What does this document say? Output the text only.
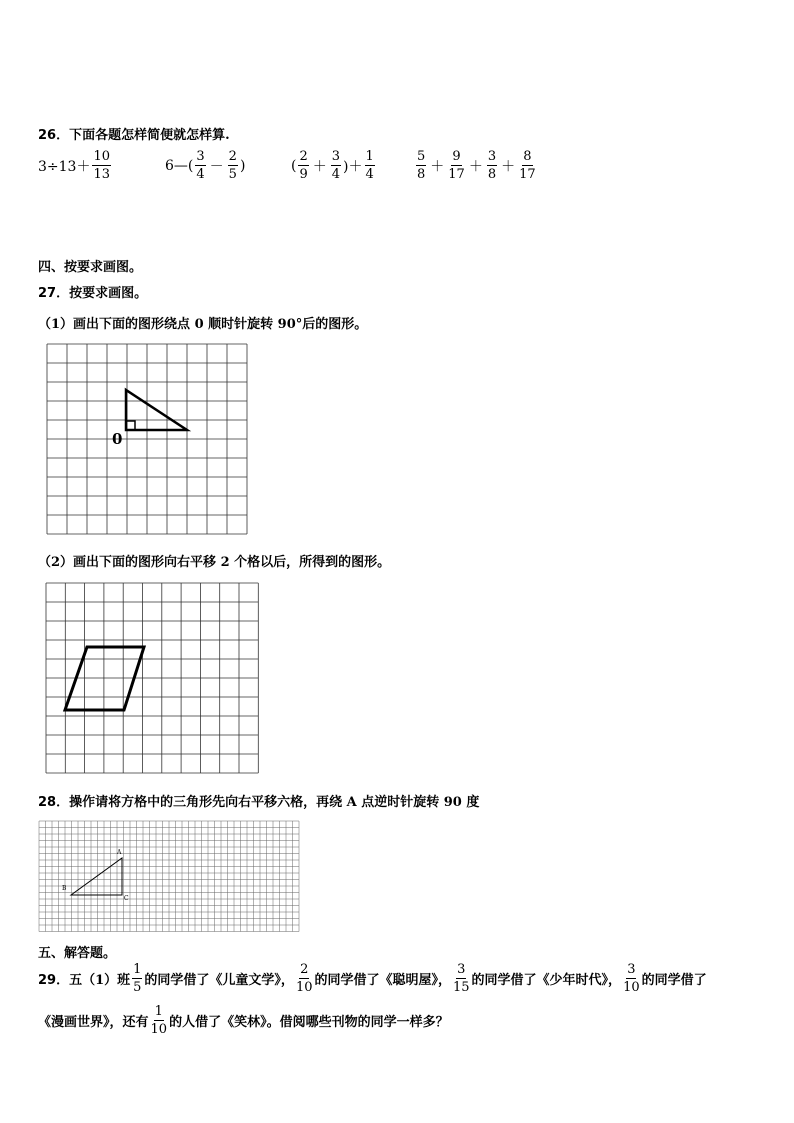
26．下面各题怎样简便就怎样算.
$3\div 13+ \frac{10}{13}$	6—( $\frac{3}{4} - \frac{2}{5}$ )	( $\frac{2}{9} + \frac{3}{4}$ )＋ $\frac{1}{4}$	$\frac{5}{8} + \frac{9}{17} + \frac{3}{8} + \frac{8}{17}$
四、按要求画图。
27．按要求画图。
（1）画出下面的图形绕点 0 顺时针旋转 90°后的图形。
0
（2）画出下面的图形向右平移 2 个格以后，所得到的图形。
28．操作请将方格中的三角形先向右平移六格，再绕 A 点逆时针旋转 90 度
A
B
C
五、解答题。
29． 五（1）班 $\frac{1}{5}$ 的同学借了《儿童文学》， $\frac{2}{10}$ 的同学借了《聪明屋》， $\frac{3}{15}$ 的同学借了《少年时代》， $\frac{3}{10}$ 的同学借了
《漫画世界》，还有 $\frac{1}{10}$ 的人借了《笑林》。借阅哪些刊物的同学一样多？
